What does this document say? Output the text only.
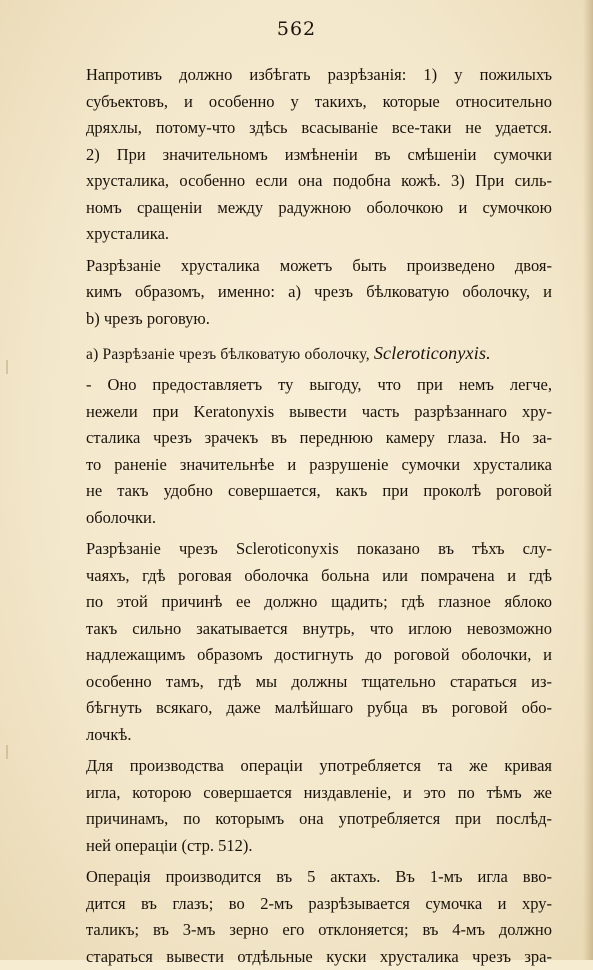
562
Напротивъ должно избѣгать разрѣзанія: 1) у пожилыхъ
субъектовъ, и особенно у такихъ, которые относительно
дряхлы, потому-что здѣсь всасываніе все-таки не удается.
2) При значительномъ измѣненіи въ смѣшеніи сумочки
хрусталика, особенно если она подобна кожѣ. 3) При силь-
номъ сращеніи между радужною оболочкою и сумочкою
хрусталика.
Разрѣзаніе хрусталика можетъ быть произведено двоя-
кимъ образомъ, именно: а) чрезъ бѣлковатую оболочку, и
b) чрезъ роговую.
а) Разрѣзаніе чрезъ бѣлковатую оболочку, Scleroticonyxis.
- Оно предоставляетъ ту выгоду, что при немъ легче,
нежели при Keratonyxis вывести часть разрѣзаннаго хру-
сталика чрезъ зрачекъ въ переднюю камеру глаза. Но за-
то раненіе значительнѣе и разрушеніе сумочки хрусталика
не такъ удобно совершается, какъ при проколѣ роговой
оболочки.
Разрѣзаніе чрезъ Scleroticonyxis показано въ тѣхъ слу-
чаяхъ, гдѣ роговая оболочка больна или помрачена и гдѣ
по этой причинѣ ее должно щадить; гдѣ глазное яблоко
такъ сильно закатывается внутрь, что иглою невозможно
надлежащимъ образомъ достигнуть до роговой оболочки, и
особенно тамъ, гдѣ мы должны тщательно стараться из-
бѣгнуть всякаго, даже малѣйшаго рубца въ роговой обо-
лочкѣ.
Для производства операціи употребляется та же кривая
игла, которою совершается низдавленіе, и это по тѣмъ же
причинамъ, по которымъ она употребляется при послѣд-
ней операціи (стр. 512).
Операція производится въ 5 актахъ. Въ 1-мъ игла вво-
дится въ глазъ; во 2-мъ разрѣзывается сумочка и хру-
таликъ; въ 3-мъ зерно его отклоняется; въ 4-мъ должно
стараться вывести отдѣльные куски хрусталика чрезъ зра-
